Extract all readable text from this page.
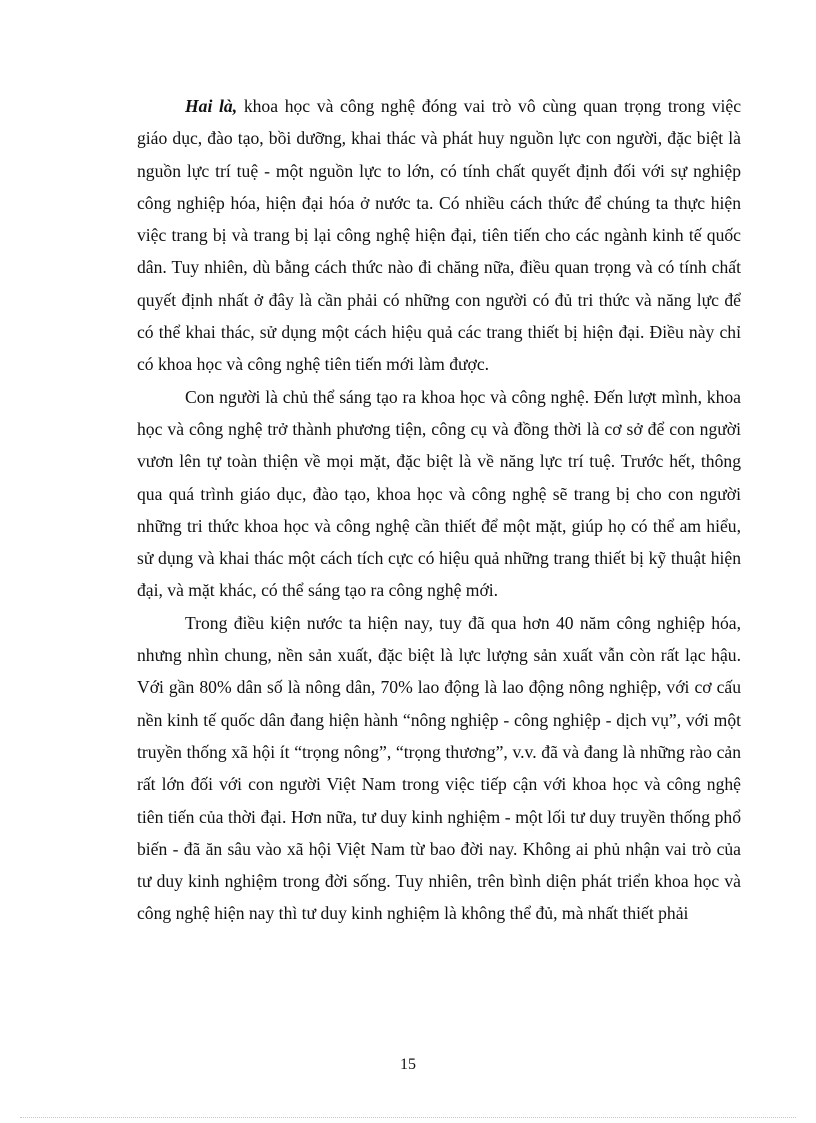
Hai là, khoa học và công nghệ đóng vai trò vô cùng quan trọng trong việc giáo dục, đào tạo, bồi dưỡng, khai thác và phát huy nguồn lực con người, đặc biệt là nguồn lực trí tuệ - một nguồn lực to lớn, có tính chất quyết định đối với sự nghiệp công nghiệp hóa, hiện đại hóa ở nước ta. Có nhiều cách thức để chúng ta thực hiện việc trang bị và trang bị lại công nghệ hiện đại, tiên tiến cho các ngành kinh tế quốc dân. Tuy nhiên, dù bằng cách thức nào đi chăng nữa, điều quan trọng và có tính chất quyết định nhất ở đây là cần phải có những con người có đủ tri thức và năng lực để có thể khai thác, sử dụng một cách hiệu quả các trang thiết bị hiện đại. Điều này chỉ có khoa học và công nghệ tiên tiến mới làm được.

Con người là chủ thể sáng tạo ra khoa học và công nghệ. Đến lượt mình, khoa học và công nghệ trở thành phương tiện, công cụ và đồng thời là cơ sở để con người vươn lên tự toàn thiện về mọi mặt, đặc biệt là về năng lực trí tuệ. Trước hết, thông qua quá trình giáo dục, đào tạo, khoa học và công nghệ sẽ trang bị cho con người những tri thức khoa học và công nghệ cần thiết để một mặt, giúp họ có thể am hiểu, sử dụng và khai thác một cách tích cực có hiệu quả những trang thiết bị kỹ thuật hiện đại, và mặt khác, có thể sáng tạo ra công nghệ mới.

Trong điều kiện nước ta hiện nay, tuy đã qua hơn 40 năm công nghiệp hóa, nhưng nhìn chung, nền sản xuất, đặc biệt là lực lượng sản xuất vẫn còn rất lạc hậu. Với gần 80% dân số là nông dân, 70% lao động là lao động nông nghiệp, với cơ cấu nền kinh tế quốc dân đang hiện hành “nông nghiệp - công nghiệp - dịch vụ”, với một truyền thống xã hội ít “trọng nông”, “trọng thương”, v.v. đã và đang là những rào cản rất lớn đối với con người Việt Nam trong việc tiếp cận với khoa học và công nghệ tiên tiến của thời đại. Hơn nữa, tư duy kinh nghiệm - một lối tư duy truyền thống phổ biến - đã ăn sâu vào xã hội Việt Nam từ bao đời nay. Không ai phủ nhận vai trò của tư duy kinh nghiệm trong đời sống. Tuy nhiên, trên bình diện phát triển khoa học và công nghệ hiện nay thì tư duy kinh nghiệm là không thể đủ, mà nhất thiết phải

15
